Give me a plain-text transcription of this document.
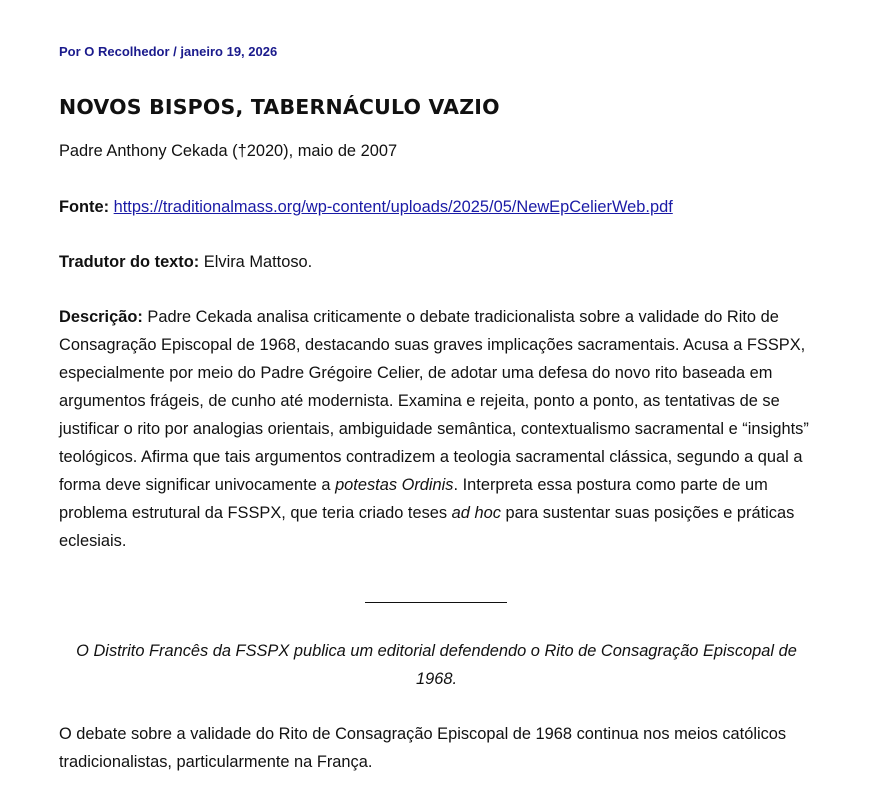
Por O Recolhedor / janeiro 19, 2026
NOVOS BISPOS, TABERNÁCULO VAZIO

Padre Anthony Cekada (†2020), maio de 2007

Fonte: https://traditionalmass.org/wp-content/uploads/2025/05/NewEpCelierWeb.pdf

Tradutor do texto: Elvira Mattoso.

Descrição: Padre Cekada analisa criticamente o debate tradicionalista sobre a validade do Rito de Consagração Episcopal de 1968, destacando suas graves implicações sacramentais. Acusa a FSSPX, especialmente por meio do Padre Grégoire Celier, de adotar uma defesa do novo rito baseada em argumentos frágeis, de cunho até modernista. Examina e rejeita, ponto a ponto, as tentativas de se justificar o rito por analogias orientais, ambiguidade semântica, contextualismo sacramental e “insights” teológicos. Afirma que tais argumentos contradizem a teologia sacramental clássica, segundo a qual a forma deve significar univocamente a potestas Ordinis. Interpreta essa postura como parte de um problema estrutural da FSSPX, que teria criado teses ad hoc para sustentar suas posições e práticas eclesiais.

O Distrito Francês da FSSPX publica um editorial defendendo o Rito de Consagração Episcopal de 1968.

O debate sobre a validade do Rito de Consagração Episcopal de 1968 continua nos meios católicos tradicionalistas, particularmente na França.
